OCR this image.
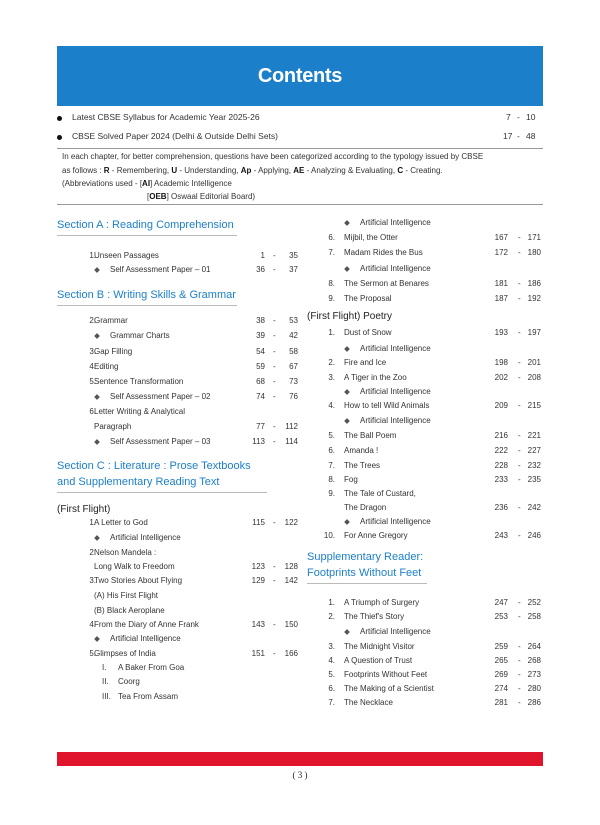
Contents
Latest CBSE Syllabus for Academic Year 2025-26	7 - 10
CBSE Solved Paper 2024 (Delhi & Outside Delhi Sets)	17 - 48
In each chapter, for better comprehension, questions have been categorized according to the typology issued by CBSE
as follows : R - Remembering, U - Understanding, Ap - Applying, AE - Analyzing & Evaluating, C - Creating.
(Abbreviations used - [AI] Academic Intelligence
[OEB] Oswaal Editorial Board)
Section A : Reading Comprehension
Section B : Writing Skills & Grammar
Section C : Literature : Prose Textbooks
and Supplementary Reading Text
(First Flight)
(First Flight) Poetry
Supplementary Reader:
Footprints Without Feet
1.
Unseen Passages	1 -	35
Self Assessment Paper – 01	36 -	37
2.
Grammar	38 -	53
Grammar Charts	39 -	42
3.
Gap Filling	54 -	58
4.
Editing	59 -	67
5.
Sentence Transformation	68 -	73
Self Assessment Paper – 02	74 -	76
6.
Letter Writing & Analytical
Paragraph	77 -	112
Self Assessment Paper – 03	113 -	114
1.
A Letter to God	115 -	122
Artificial Intelligence
2.
Nelson Mandela :
Long Walk to Freedom	123 -	128
3.
Two Stories About Flying	129 -	142
(A) His First Flight
(B) Black Aeroplane
4.
From the Diary of Anne Frank	143 -	150
Artificial Intelligence
5.
Glimpses of India	151 -	166
I. A Baker From Goa
II. Coorg
III. Tea From Assam
Artificial Intelligence
6. Mijbil, the Otter	167 - 171
7. Madam Rides the Bus	172 - 180
Artificial Intelligence
8. The Sermon at Benares	181 - 186
9. The Proposal	187 - 192
1. Dust of Snow	193 - 197
Artificial Intelligence
2. Fire and Ice	198 - 201
3. A Tiger in the Zoo	202 - 208
Artificial Intelligence
4. How to tell Wild Animals	209 - 215
Artificial Intelligence
5. The Ball Poem	216 - 221
6. Amanda !	222 - 227
7. The Trees	228 - 232
8. Fog	233 - 235
9. The Tale of Custard,
The Dragon	236 - 242
Artificial Intelligence
10. For Anne Gregory	243 - 246
1. A Triumph of Surgery	247 - 252
2. The Thief's Story	253 - 258
Artificial Intelligence
3. The Midnight Visitor	259 - 264
4. A Question of Trust	265 - 268
5. Footprints Without Feet	269 - 273
6. The Making of a Scientist	274 - 280
7. The Necklace	281 - 286
( 3 )
